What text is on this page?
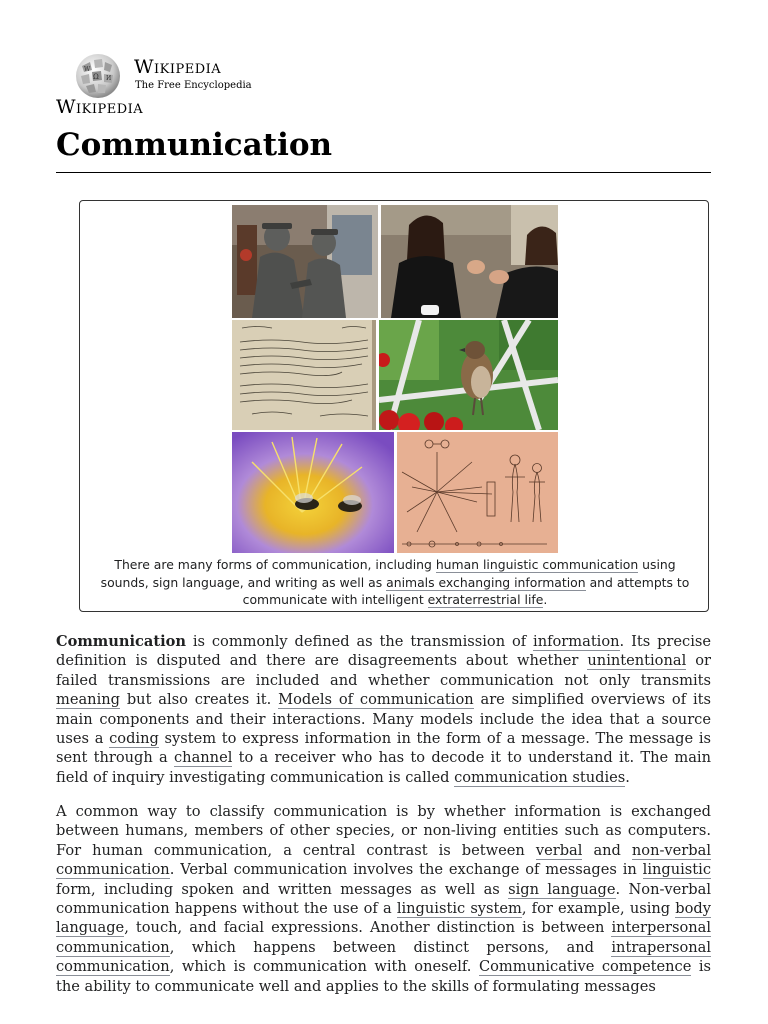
Ω И
W Wikipedia
The Free Encyclopedia
Wikipedia
Communication
There are many forms of communication, including human linguistic communication using sounds, sign language, and writing as well as animals exchanging information and attempts to communicate with intelligent extraterrestrial life.

Communication is commonly defined as the transmission of information. Its precise definition is disputed and there are disagreements about whether unintentional or failed transmissions are included and whether communication not only transmits meaning but also creates it. Models of communication are simplified overviews of its main components and their interactions. Many models include the idea that a source uses a coding system to express information in the form of a message. The message is sent through a channel to a receiver who has to decode it to understand it. The main field of inquiry investigating communication is called communication studies.

A common way to classify communication is by whether information is exchanged between humans, members of other species, or non-living entities such as computers. For human communication, a central contrast is between verbal and non-verbal communication. Verbal communication involves the exchange of messages in linguistic form, including spoken and written messages as well as sign language. Non-verbal communication happens without the use of a linguistic system, for example, using body language, touch, and facial expressions. Another distinction is between interpersonal communication, which happens between distinct persons, and intrapersonal communication, which is communication with oneself. Communicative competence is the ability to communicate well and applies to the skills of formulating messages
